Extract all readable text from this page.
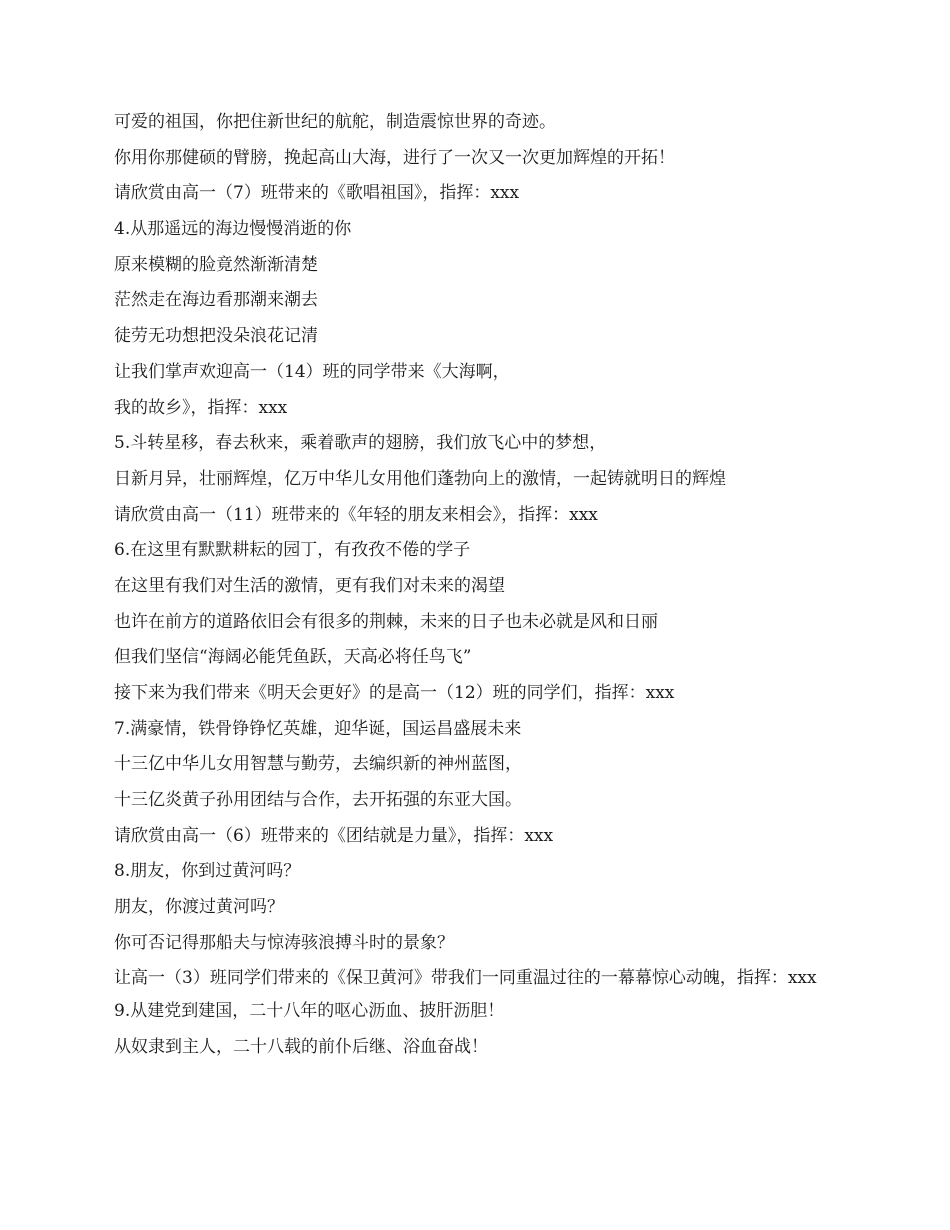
可爱的祖国，你把住新世纪的航舵，制造震惊世界的奇迹。

你用你那健硕的臂膀，挽起高山大海，进行了一次又一次更加辉煌的开拓！

请欣赏由高一（7）班带来的《歌唱祖国》，指挥：xxx

4.从那遥远的海边慢慢消逝的你

原来模糊的脸竟然渐渐清楚

茫然走在海边看那潮来潮去

徒劳无功想把没朵浪花记清

让我们掌声欢迎高一（14）班的同学带来《大海啊，

我的故乡》，指挥：xxx

5.斗转星移，春去秋来，乘着歌声的翅膀，我们放飞心中的梦想，

日新月异，壮丽辉煌，亿万中华儿女用他们蓬勃向上的激情，一起铸就明日的辉煌

请欣赏由高一（11）班带来的《年轻的朋友来相会》，指挥：xxx

6.在这里有默默耕耘的园丁，有孜孜不倦的学子

在这里有我们对生活的激情，更有我们对未来的渴望

也许在前方的道路依旧会有很多的荆棘，未来的日子也未必就是风和日丽

但我们坚信“海阔必能凭鱼跃，天高必将任鸟飞”

接下来为我们带来《明天会更好》的是高一（12）班的同学们，指挥：xxx

7.满豪情，铁骨铮铮忆英雄，迎华诞，国运昌盛展未来

十三亿中华儿女用智慧与勤劳，去编织新的神州蓝图，

十三亿炎黄子孙用团结与合作，去开拓强的东亚大国。

请欣赏由高一（6）班带来的《团结就是力量》，指挥：xxx

8.朋友，你到过黄河吗？

朋友，你渡过黄河吗？

你可否记得那船夫与惊涛骇浪搏斗时的景象？

让高一（3）班同学们带来的《保卫黄河》带我们一同重温过往的一幕幕惊心动魄，指挥：xxx

9.从建党到建国，二十八年的呕心沥血、披肝沥胆！

从奴隶到主人，二十八载的前仆后继、浴血奋战！
